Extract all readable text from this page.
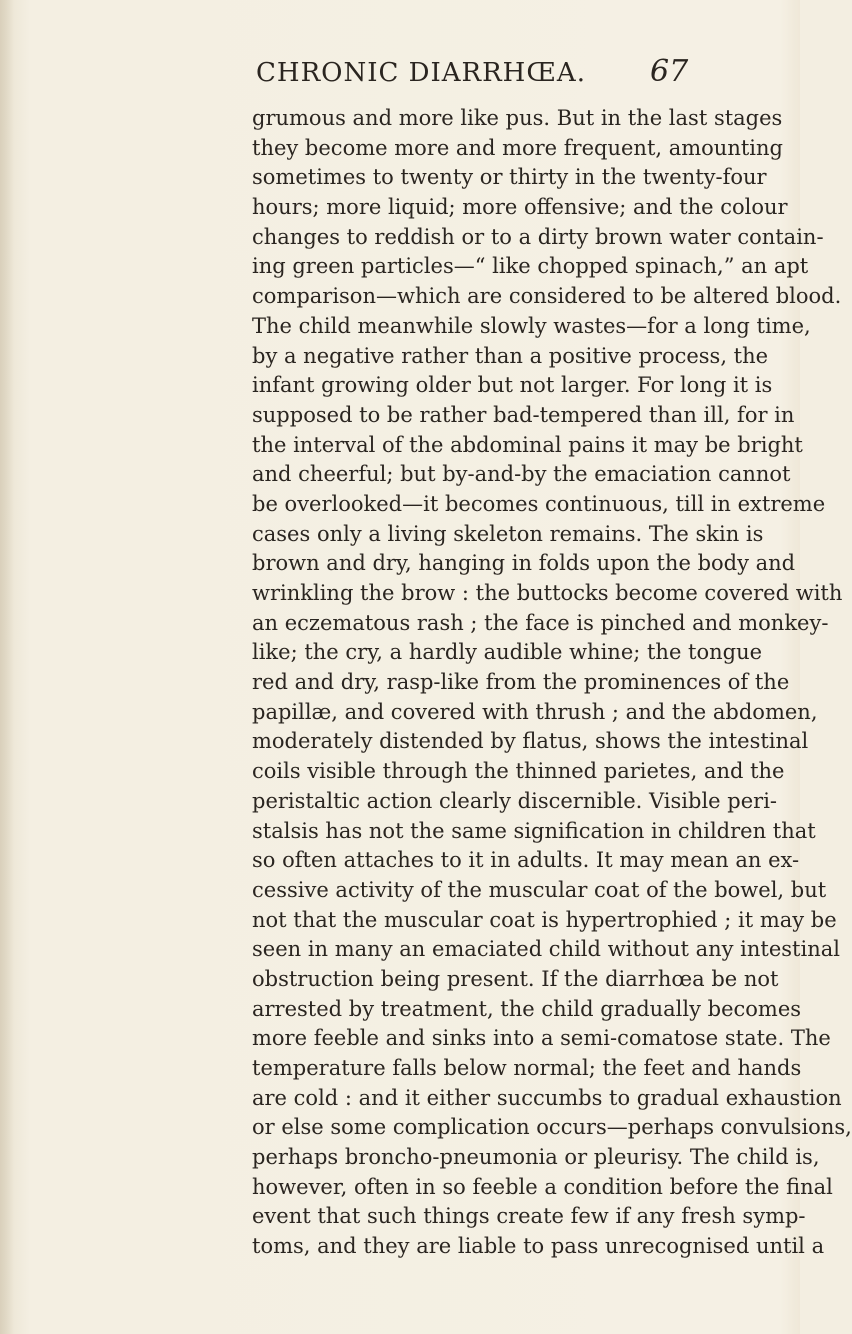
CHRONIC DIARRHŒA. 67
grumous and more like pus. But in the last stages
they become more and more frequent, amounting
sometimes to twenty or thirty in the twenty-four
hours; more liquid; more offensive; and the colour
changes to reddish or to a dirty brown water contain-
ing green particles—“ like chopped spinach,” an apt
comparison—which are considered to be altered blood.
The child meanwhile slowly wastes—for a long time,
by a negative rather than a positive process, the
infant growing older but not larger. For long it is
supposed to be rather bad-tempered than ill, for in
the interval of the abdominal pains it may be bright
and cheerful; but by-and-by the emaciation cannot
be overlooked—it becomes continuous, till in extreme
cases only a living skeleton remains. The skin is
brown and dry, hanging in folds upon the body and
wrinkling the brow : the buttocks become covered with
an eczematous rash ; the face is pinched and monkey-
like; the cry, a hardly audible whine; the tongue
red and dry, rasp-like from the prominences of the
papillæ, and covered with thrush ; and the abdomen,
moderately distended by flatus, shows the intestinal
coils visible through the thinned parietes, and the
peristaltic action clearly discernible. Visible peri-
stalsis has not the same signification in children that
so often attaches to it in adults. It may mean an ex-
cessive activity of the muscular coat of the bowel, but
not that the muscular coat is hypertrophied ; it may be
seen in many an emaciated child without any intestinal
obstruction being present. If the diarrhœa be not
arrested by treatment, the child gradually becomes
more feeble and sinks into a semi-comatose state. The
temperature falls below normal; the feet and hands
are cold : and it either succumbs to gradual exhaustion
or else some complication occurs—perhaps convulsions,
perhaps broncho-pneumonia or pleurisy. The child is,
however, often in so feeble a condition before the final
event that such things create few if any fresh symp-
toms, and they are liable to pass unrecognised until a
